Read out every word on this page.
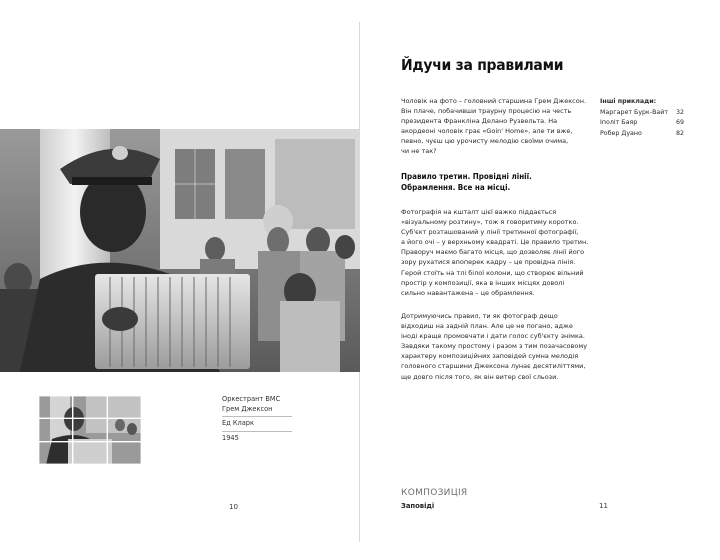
Оркестрант ВМС
Грем Джексон
Ед Кларк
1945
10
Йдучи за правилами
Чоловік на фото – головний старшина Грем Джексон.
Він плаче, побачивши траурну процесію на честь
президента Франкліна Делано Рузвельта. На
акордеоні чоловік грає «Goin' Home», але ти вже,
певно, чуєш цю урочисту мелодію своїми очима,
чи не так?
Правило третин. Провідні лінії. Обрамлення. Все на місці.
Фотографія на кшталт цієї важко піддається
«візуальному розтину», тож я говоритиму коротко.
Суб'єкт розташований у лінії третинної фотографії,
а його очі – у верхньому квадраті. Це правило третин.
Праворуч маємо багато місця, що дозволяє лінії його
зору рухатися впоперек кадру – це провідна лінія.
Герой стоїть на тлі білої колони, що створює вільний
простір у композиції, яка в інших місцях доволі
сильно навантажена – це обрамлення.
Дотримуючись правил, ти як фотограф дещо
відходиш на задній план. Але це не погано, адже
іноді краще промовчати і дати голос суб'єкту знімка.
Завдяки такому простому і разом з тим позачасовому
характеру композиційних заповідей сумна мелодія
головного старшини Джексона лунає десятиліттями,
ще довго після того, як він витер свої сльози.
Інші приклади:
Маргарет Бурк-Вайт 32
Іполіт Баяр	69
Робер Дуано	82
КОМПОЗИЦІЯ
Заповіді	11
